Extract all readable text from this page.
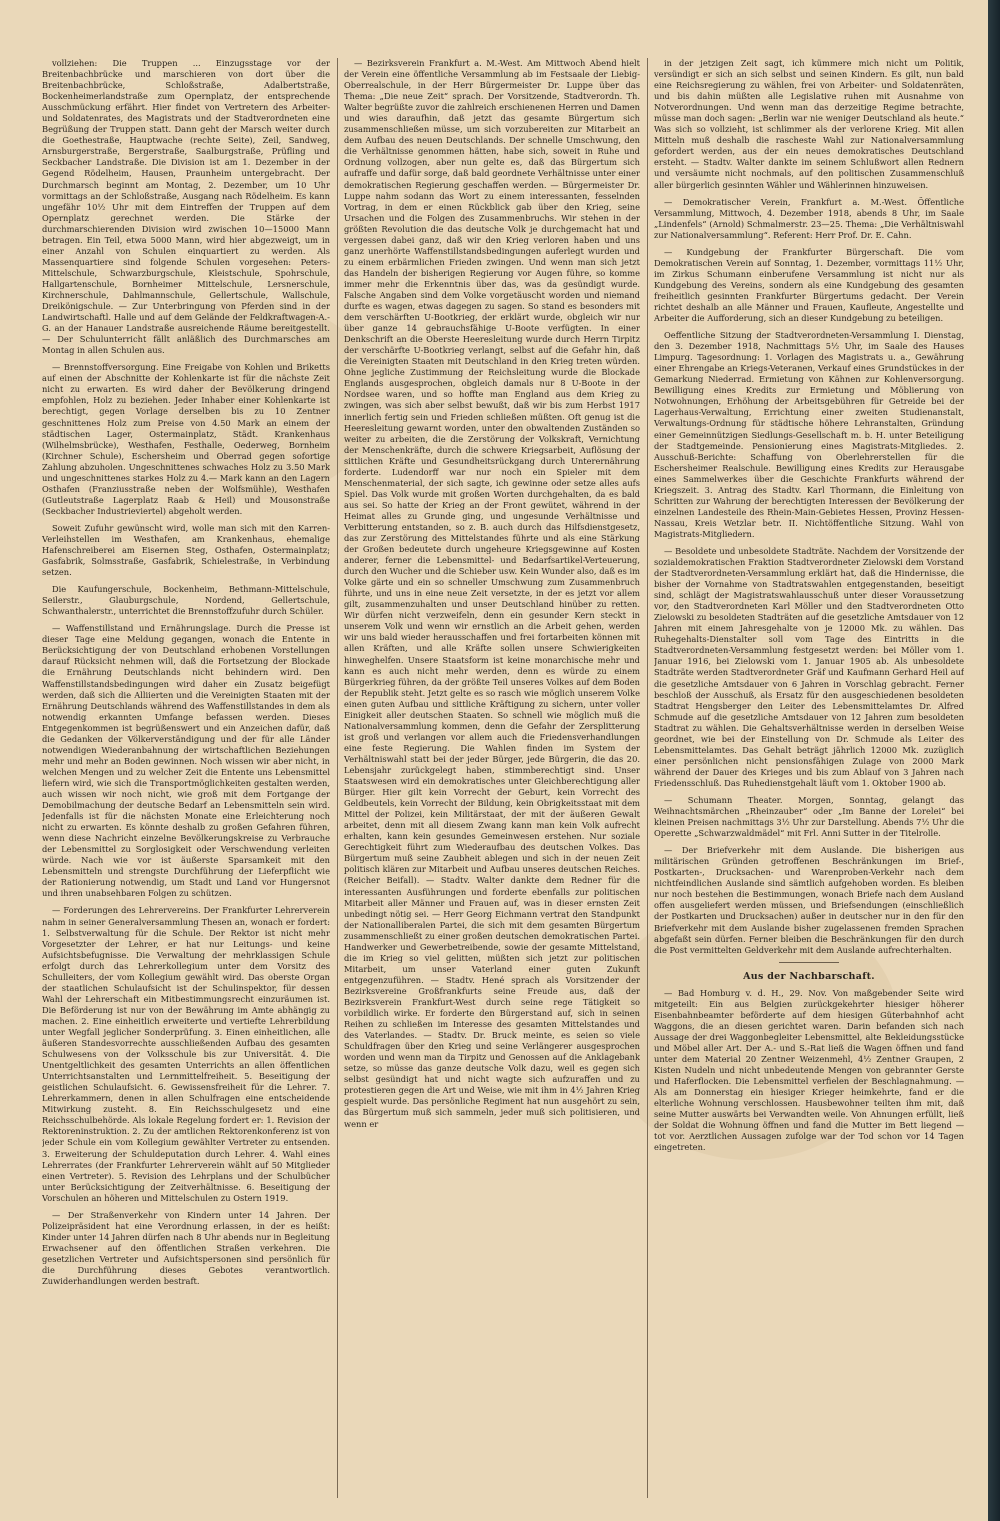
vollziehen: Die Truppen ... Einzugsstage vor der Breitenbachbrücke und marschieren von dort über die Breitenbachbrücke, Schloßstraße, Adalbertstraße, Bockenheimerlandstraße zum Opernplatz, der entsprechende Ausschmückung erfährt. Hier findet von Vertretern des Arbeiter- und Soldatenrates, des Magistrats und der Stadtverordneten eine Begrüßung der Truppen statt. Dann geht der Marsch weiter durch die Goethestraße, Hauptwache (rechte Seite), Zeil, Sandweg, Arnsburgerstraße, Bergerstraße, Saalburgstraße, Prüfling und Seckbacher Landstraße. Die Division ist am 1. Dezember in der Gegend Rödelheim, Hausen, Praunheim untergebracht. Der Durchmarsch beginnt am Montag, 2. Dezember, um 10 Uhr vormittags an der Schloßstraße, Ausgang nach Rödelheim. Es kann ungefähr 10½ Uhr mit dem Eintreffen der Truppen auf dem Opernplatz gerechnet werden. Die Stärke der durchmarschierenden Division wird zwischen 10—15000 Mann betragen. Ein Teil, etwa 5000 Mann, wird hier abgezweigt, um in einer Anzahl von Schulen einquartiert zu werden. Als Massenquartiere sind folgende Schulen vorgesehen: Peters-Mittelschule, Schwarzburgschule, Kleistschule, Spohrschule, Hallgartenschule, Bornheimer Mittelschule, Lersnerschule, Kirchnerschule, Dahlmannschule, Gellertschule, Wallschule, Dreikönigschule. — Zur Unterbringung von Pferden sind in der Landwirtschaftl. Halle und auf dem Gelände der Feldkraftwagen-A.-G. an der Hanauer Landstraße ausreichende Räume bereitgestellt. — Der Schulunterricht fällt anläßlich des Durchmarsches am Montag in allen Schulen aus.

— Brennstoffversorgung. Eine Freigabe von Kohlen und Briketts auf einen der Abschnitte der Kohlenkarte ist für die nächste Zeit nicht zu erwarten. Es wird daher der Bevölkerung dringend empfohlen, Holz zu beziehen. Jeder Inhaber einer Kohlenkarte ist berechtigt, gegen Vorlage derselben bis zu 10 Zentner geschnittenes Holz zum Preise von 4.50 Mark an einem der städtischen Lager, Ostermainplatz, Städt. Krankenhaus (Wilhelmsbrücke), Westhafen, Festhalle, Oederweg, Bornheim (Kirchner Schule), Eschersheim und Oberrad gegen sofortige Zahlung abzuholen. Ungeschnittenes schwaches Holz zu 3.50 Mark und ungeschnittenes starkes Holz zu 4.— Mark kann an den Lagern Osthafen (Franziusstraße neben der Wolfsmühle), Westhafen (Gutleutstraße Lagerplatz Raab & Heil) und Mousonstraße (Seckbacher Industrieviertel) abgeholt werden.

Soweit Zufuhr gewünscht wird, wolle man sich mit den Karren-Verleihstellen im Westhafen, am Krankenhaus, ehemalige Hafenschreiberei am Eisernen Steg, Osthafen, Ostermainplatz; Gasfabrik, Solmsstraße, Gasfabrik, Schielestraße, in Verbindung setzen.

Die Kaufungerschule, Bockenheim, Bethmann-Mittelschule, Seilerstr., Glauburgschule, Nordend, Gellertschule, Schwanthalerstr., unterrichtet die Brennstoffzufuhr durch Schüler.

— Waffenstillstand und Ernährungslage. Durch die Presse ist dieser Tage eine Meldung gegangen, wonach die Entente in Berücksichtigung der von Deutschland erhobenen Vorstellungen darauf Rücksicht nehmen will, daß die Fortsetzung der Blockade die Ernährung Deutschlands nicht behindern wird. Den Waffenstillstandsbedingungen wird daher ein Zusatz beigefügt werden, daß sich die Alliierten und die Vereinigten Staaten mit der Ernährung Deutschlands während des Waffenstillstandes in dem als notwendig erkannten Umfange befassen werden. Dieses Entgegenkommen ist begrüßenswert und ein Anzeichen dafür, daß die Gedanken der Völkerverständigung und der für alle Länder notwendigen Wiederanbahnung der wirtschaftlichen Beziehungen mehr und mehr an Boden gewinnen. Noch wissen wir aber nicht, in welchen Mengen und zu welcher Zeit die Entente uns Lebensmittel liefern wird, wie sich die Transportmöglichkeiten gestalten werden, auch wissen wir noch nicht, wie groß mit dem Fortgange der Demobilmachung der deutsche Bedarf an Lebensmitteln sein wird. Jedenfalls ist für die nächsten Monate eine Erleichterung noch nicht zu erwarten. Es könnte deshalb zu großen Gefahren führen, wenn diese Nachricht einzelne Bevölkerungskreise zu Verbrauche der Lebensmittel zu Sorglosigkeit oder Verschwendung verleiten würde. Nach wie vor ist äußerste Sparsamkeit mit den Lebensmitteln und strengste Durchführung der Lieferpflicht wie der Rationierung notwendig, um Stadt und Land vor Hungersnot und ihren unabsehbaren Folgen zu schützen.

— Forderungen des Lehrervereins. Der Frankfurter Lehrerverein nahm in seiner Generalversammlung Thesen an, wonach er fordert: 1. Selbstverwaltung für die Schule. Der Rektor ist nicht mehr Vorgesetzter der Lehrer, er hat nur Leitungs- und keine Aufsichtsbefugnisse. Die Verwaltung der mehrklassigen Schule erfolgt durch das Lehrerkollegium unter dem Vorsitz des Schulleiters, der vom Kollegium gewählt wird. Das oberste Organ der staatlichen Schulaufsicht ist der Schulinspektor, für dessen Wahl der Lehrerschaft ein Mitbestimmungsrecht einzuräumen ist. Die Beförderung ist nur von der Bewährung im Amte abhängig zu machen. 2. Eine einheitlich erweiterte und vertiefte Lehrerbildung unter Wegfall jeglicher Sonderprüfung. 3. Einen einheitlichen, alle äußeren Standesvorrechte ausschließenden Aufbau des gesamten Schulwesens von der Volksschule bis zur Universität. 4. Die Unentgeltlichkeit des gesamten Unterrichts an allen öffentlichen Unterrichtsanstalten und Lernmittelfreiheit. 5. Beseitigung der geistlichen Schulaufsicht. 6. Gewissensfreiheit für die Lehrer. 7. Lehrerkammern, denen in allen Schulfragen eine entscheidende Mitwirkung zusteht. 8. Ein Reichsschulgesetz und eine Reichsschulbehörde. Als lokale Regelung fordert er: 1. Revision der Rektoreninstruktion. 2. Zu der amtlichen Rektorenkonferenz ist von jeder Schule ein vom Kollegium gewählter Vertreter zu entsenden. 3. Erweiterung der Schuldeputation durch Lehrer. 4. Wahl eines Lehrerrates (der Frankfurter Lehrerverein wählt auf 50 Mitglieder einen Vertreter). 5. Revision des Lehrplans und der Schulbücher unter Berücksichtigung der Zeitverhältnisse. 6. Beseitigung der Vorschulen an höheren und Mittelschulen zu Ostern 1919.

— Der Straßenverkehr von Kindern unter 14 Jahren. Der Polizeipräsident hat eine Verordnung erlassen, in der es heißt: Kinder unter 14 Jahren dürfen nach 8 Uhr abends nur in Begleitung Erwachsener auf den öffentlichen Straßen verkehren. Die gesetzlichen Vertreter und Aufsichtspersonen sind persönlich für die Durchführung dieses Gebotes verantwortlich. Zuwiderhandlungen werden bestraft.

— Bezirksverein Frankfurt a. M.-West. Am Mittwoch Abend hielt der Verein eine öffentliche Versammlung ab im Festsaale der Liebig-Oberrealschule, in der Herr Bürgermeister Dr. Luppe über das Thema: „Die neue Zeit“ sprach. Der Vorsitzende, Stadtverordn. Th. Walter begrüßte zuvor die zahlreich erschienenen Herren und Damen und wies daraufhin, daß jetzt das gesamte Bürgertum sich zusammenschließen müsse, um sich vorzubereiten zur Mitarbeit an dem Aufbau des neuen Deutschlands. Der schnelle Umschwung, den die Verhältnisse genommen hätten, habe sich, soweit in Ruhe und Ordnung vollzogen, aber nun gelte es, daß das Bürgertum sich aufraffe und dafür sorge, daß bald geordnete Verhältnisse unter einer demokratischen Regierung geschaffen werden. — Bürgermeister Dr. Luppe nahm sodann das Wort zu einem interessanten, fesselnden Vortrag, in dem er einen Rückblick gab über den Krieg, seine Ursachen und die Folgen des Zusammenbruchs. Wir stehen in der größten Revolution die das deutsche Volk je durchgemacht hat und vergessen dabei ganz, daß wir den Krieg verloren haben und uns ganz unerhörte Waffenstillstandsbedingungen auferlegt wurden und zu einem erbärmlichen Frieden zwingen. Und wenn man sich jetzt das Handeln der bisherigen Regierung vor Augen führe, so komme immer mehr die Erkenntnis über das, was da gesündigt wurde. Falsche Angaben sind dem Volke vorgetäuscht worden und niemand durfte es wagen, etwas dagegen zu sagen. So stand es besonders mit dem verschärften U-Bootkrieg, der erklärt wurde, obgleich wir nur über ganze 14 gebrauchsfähige U-Boote verfügten. In einer Denkschrift an die Oberste Heeresleitung wurde durch Herrn Tirpitz der verschärfte U-Bootkrieg verlangt, selbst auf die Gefahr hin, daß die Vereinigten Staaten mit Deutschland in den Krieg treten würden. Ohne jegliche Zustimmung der Reichsleitung wurde die Blockade Englands ausgesprochen, obgleich damals nur 8 U-Boote in der Nordsee waren, und so hoffte man England aus dem Krieg zu zwingen, was sich aber selbst bewußt, daß wir bis zum Herbst 1917 innerlich fertig sein und Frieden schließen müßten. Oft genug ist die Heeresleitung gewarnt worden, unter den obwaltenden Zuständen so weiter zu arbeiten, die die Zerstörung der Volkskraft, Vernichtung der Menschenkräfte, durch die schwere Kriegsarbeit, Auflösung der sittlichen Kräfte und Gesundheitsrückgang durch Unterernährung forderte. Ludendorff war nur noch ein Spieler mit dem Menschenmaterial, der sich sagte, ich gewinne oder setze alles aufs Spiel. Das Volk wurde mit großen Worten durchgehalten, da es bald aus sei. So hatte der Krieg an der Front gewütet, während in der Heimat alles zu Grunde ging, und ungesunde Verhältnisse und Verbitterung entstanden, so z. B. auch durch das Hilfsdienstgesetz, das zur Zerstörung des Mittelstandes führte und als eine Stärkung der Großen bedeutete durch ungeheure Kriegsgewinne auf Kosten anderer, ferner die Lebensmittel- und Bedarfsartikel-Verteuerung, durch den Wucher und die Schieber usw. Kein Wunder also, daß es im Volke gärte und ein so schneller Umschwung zum Zusammenbruch führte, und uns in eine neue Zeit versetzte, in der es jetzt vor allem gilt, zusammenzuhalten und unser Deutschland hinüber zu retten. Wir dürfen nicht verzweifeln, denn ein gesunder Kern steckt in unserem Volk und wenn wir ernstlich an die Arbeit gehen, werden wir uns bald wieder herausschaffen und frei fortarbeiten können mit allen Kräften, und alle Kräfte sollen unsere Schwierigkeiten hinweghelfen. Unsere Staatsform ist keine monarchische mehr und kann es auch nicht mehr werden, denn es würde zu einem Bürgerkrieg führen, da der größte Teil unseres Volkes auf dem Boden der Republik steht. Jetzt gelte es so rasch wie möglich unserem Volke einen guten Aufbau und sittliche Kräftigung zu sichern, unter voller Einigkeit aller deutschen Staaten. So schnell wie möglich muß die Nationalversammlung kommen, denn die Gefahr der Zersplitterung ist groß und verlangen vor allem auch die Friedensverhandlungen eine feste Regierung. Die Wahlen finden im System der Verhältniswahl statt bei der jeder Bürger, jede Bürgerin, die das 20. Lebensjahr zurückgelegt haben, stimmberechtigt sind. Unser Staatswesen wird ein demokratisches unter Gleichberechtigung aller Bürger. Hier gilt kein Vorrecht der Geburt, kein Vorrecht des Geldbeutels, kein Vorrecht der Bildung, kein Obrigkeitsstaat mit dem Mittel der Polizei, kein Militärstaat, der mit der äußeren Gewalt arbeitet, denn mit all diesem Zwang kann man kein Volk aufrecht erhalten, kann kein gesundes Gemeinwesen erstehen. Nur soziale Gerechtigkeit führt zum Wiederaufbau des deutschen Volkes. Das Bürgertum muß seine Zaubheit ablegen und sich in der neuen Zeit politisch klären zur Mitarbeit und Aufbau unseres deutschen Reiches. (Reicher Beifall). — Stadtv. Walter dankte dem Redner für die interessanten Ausführungen und forderte ebenfalls zur politischen Mitarbeit aller Männer und Frauen auf, was in dieser ernsten Zeit unbedingt nötig sei. — Herr Georg Eichmann vertrat den Standpunkt der Nationalliberalen Partei, die sich mit dem gesamten Bürgertum zusammenschließt zu einer großen deutschen demokratischen Partei. Handwerker und Gewerbetreibende, sowie der gesamte Mittelstand, die im Krieg so viel gelitten, müßten sich jetzt zur politischen Mitarbeit, um unser Vaterland einer guten Zukunft entgegenzuführen. — Stadtv. Hené sprach als Vorsitzender der Bezirksvereine Großfrankfurts seine Freude aus, daß der Bezirksverein Frankfurt-West durch seine rege Tätigkeit so vorbildlich wirke. Er forderte den Bürgerstand auf, sich in seinen Reihen zu schließen im Interesse des gesamten Mittelstandes und des Vaterlandes. — Stadtv. Dr. Bruck meinte, es seien so viele Schuldfragen über den Krieg und seine Verlängerer ausgesprochen worden und wenn man da Tirpitz und Genossen auf die Anklagebank setze, so müsse das ganze deutsche Volk dazu, weil es gegen sich selbst gesündigt hat und nicht wagte sich aufzuraffen und zu protestieren gegen die Art und Weise, wie mit ihm in 4½ Jahren Krieg gespielt wurde. Das persönliche Regiment hat nun ausgehört zu sein, das Bürgertum muß sich sammeln, jeder muß sich politisieren, und wenn er

in der jetzigen Zeit sagt, ich kümmere mich nicht um Politik, versündigt er sich an sich selbst und seinen Kindern. Es gilt, nun bald eine Reichsregierung zu wählen, frei von Arbeiter- und Soldatenräten, und bis dahin müßten alle Legislative ruhen mit Ausnahme von Notverordnungen. Und wenn man das derzeitige Regime betrachte, müsse man doch sagen: „Berlin war nie weniger Deutschland als heute.“ Was sich so vollzieht, ist schlimmer als der verlorene Krieg. Mit allen Mitteln muß deshalb die rascheste Wahl zur Nationalversammlung gefordert werden, aus der ein neues demokratisches Deutschland ersteht. — Stadtv. Walter dankte im seinem Schlußwort allen Rednern und versäumte nicht nochmals, auf den politischen Zusammenschluß aller bürgerlich gesinnten Wähler und Wählerinnen hinzuweisen.

— Demokratischer Verein, Frankfurt a. M.-West. Öffentliche Versammlung, Mittwoch, 4. Dezember 1918, abends 8 Uhr, im Saale „Lindenfels“ (Arnold) Schmalmerstr. 23—25. Thema: „Die Verhältniswahl zur Nationalversammlung“. Referent: Herr Prof. Dr. E. Cahn.

— Kundgebung der Frankfurter Bürgerschaft. Die vom Demokratischen Verein auf Sonntag, 1. Dezember, vormittags 11½ Uhr, im Zirkus Schumann einberufene Versammlung ist nicht nur als Kundgebung des Vereins, sondern als eine Kundgebung des gesamten freiheitlich gesinnten Frankfurter Bürgertums gedacht. Der Verein richtet deshalb an alle Männer und Frauen, Kaufleute, Angestellte und Arbeiter die Aufforderung, sich an dieser Kundgebung zu beteiligen.

Oeffentliche Sitzung der Stadtverordneten-Versammlung I. Dienstag, den 3. Dezember 1918, Nachmittags 5½ Uhr, im Saale des Hauses Limpurg. Tagesordnung: 1. Vorlagen des Magistrats u. a., Gewährung einer Ehrengabe an Kriegs-Veteranen, Verkauf eines Grundstückes in der Gemarkung Niederrad. Ermietung von Kähnen zur Kohlenversorgung. Bewilligung eines Kredits zur Ermietung und Möblierung von Notwohnungen, Erhöhung der Arbeitsgebühren für Getreide bei der Lagerhaus-Verwaltung, Errichtung einer zweiten Studienanstalt, Verwaltungs-Ordnung für städtische höhere Lehranstalten, Gründung einer Gemeinnützigen Siedlungs-Gesellschaft m. b. H. unter Beteiligung der Stadtgemeinde. Pensionierung eines Magistrats-Mitgliedes. 2. Ausschuß-Berichte: Schaffung von Oberlehrerstellen für die Eschersheimer Realschule. Bewilligung eines Kredits zur Herausgabe eines Sammelwerkes über die Geschichte Frankfurts während der Kriegszeit. 3. Antrag des Stadtv. Karl Thormann, die Einleitung von Schritten zur Wahrung der berechtigten Interessen der Bevölkerung der einzelnen Landesteile des Rhein-Main-Gebietes Hessen, Provinz Hessen-Nassau, Kreis Wetzlar betr. II. Nichtöffentliche Sitzung. Wahl von Magistrats-Mitgliedern.

— Besoldete und unbesoldete Stadträte. Nachdem der Vorsitzende der sozialdemokratischen Fraktion Stadtverordneter Zielowski dem Vorstand der Stadtverordneten-Versammlung erklärt hat, daß die Hindernisse, die bisher der Vornahme von Stadtratswahlen entgegenstanden, beseitigt sind, schlägt der Magistratswahlausschuß unter dieser Voraussetzung vor, den Stadtverordneten Karl Möller und den Stadtverordneten Otto Zielowski zu besoldeten Stadträten auf die gesetzliche Amtsdauer von 12 Jahren mit einem Jahresgehalte von je 12000 Mk. zu wählen. Das Ruhegehalts-Dienstalter soll vom Tage des Eintritts in die Stadtverordneten-Versammlung festgesetzt werden: bei Möller vom 1. Januar 1916, bei Zielowski vom 1. Januar 1905 ab. Als unbesoldete Stadträte werden Stadtverordneter Gräf und Kaufmann Gerhard Heil auf die gesetzliche Amtsdauer von 6 Jahren in Vorschlag gebracht. Ferner beschloß der Ausschuß, als Ersatz für den ausgeschiedenen besoldeten Stadtrat Hengsberger den Leiter des Lebensmittelamtes Dr. Alfred Schmude auf die gesetzliche Amtsdauer von 12 Jahren zum besoldeten Stadtrat zu wählen. Die Gehaltsverhältnisse werden in derselben Weise geordnet, wie bei der Einstellung von Dr. Schmude als Leiter des Lebensmittelamtes. Das Gehalt beträgt jährlich 12000 Mk. zuzüglich einer persönlichen nicht pensionsfähigen Zulage von 2000 Mark während der Dauer des Krieges und bis zum Ablauf von 3 Jahren nach Friedensschluß. Das Ruhedienstgehalt läuft vom 1. Oktober 1900 ab.

— Schumann Theater. Morgen, Sonntag, gelangt das Weihnachtsmärchen „Rheinzauber“ oder „Im Banne der Lorelei“ bei kleinen Preisen nachmittags 3½ Uhr zur Darstellung. Abends 7½ Uhr die Operette „Schwarzwaldmädel“ mit Frl. Anni Sutter in der Titelrolle.

— Der Briefverkehr mit dem Auslande. Die bisherigen aus militärischen Gründen getroffenen Beschränkungen im Brief-, Postkarten-, Drucksachen- und Warenproben-Verkehr nach dem nichtfeindlichen Auslande sind sämtlich aufgehoben worden. Es bleiben nur noch bestehen die Bestimmungen, wonach Briefe nach dem Ausland offen ausgeliefert werden müssen, und Briefsendungen (einschließlich der Postkarten und Drucksachen) außer in deutscher nur in den für den Briefverkehr mit dem Auslande bisher zugelassenen fremden Sprachen abgefaßt sein dürfen. Ferner bleiben die Beschränkungen für den durch die Post vermittelten Geldverkehr mit dem Auslande aufrechterhalten.

Aus der Nachbarschaft.

— Bad Homburg v. d. H., 29. Nov. Von maßgebender Seite wird mitgeteilt: Ein aus Belgien zurückgekehrter hiesiger höherer Eisenbahnbeamter beförderte auf dem hiesigen Güterbahnhof acht Waggons, die an diesen gerichtet waren. Darin befanden sich nach Aussage der drei Waggonbegleiter Lebensmittel, alte Bekleidungsstücke und Möbel aller Art. Der A.- und S.-Rat ließ die Wagen öffnen und fand unter dem Material 20 Zentner Weizenmehl, 4½ Zentner Graupen, 2 Kisten Nudeln und nicht unbedeutende Mengen von gebrannter Gerste und Haferflocken. Die Lebensmittel verfielen der Beschlagnahmung. — Als am Donnerstag ein hiesiger Krieger heimkehrte, fand er die elterliche Wohnung verschlossen. Hausbewohner teilten ihm mit, daß seine Mutter auswärts bei Verwandten weile. Von Ahnungen erfüllt, ließ der Soldat die Wohnung öffnen und fand die Mutter im Bett liegend — tot vor. Aerztlichen Aussagen zufolge war der Tod schon vor 14 Tagen eingetreten.
